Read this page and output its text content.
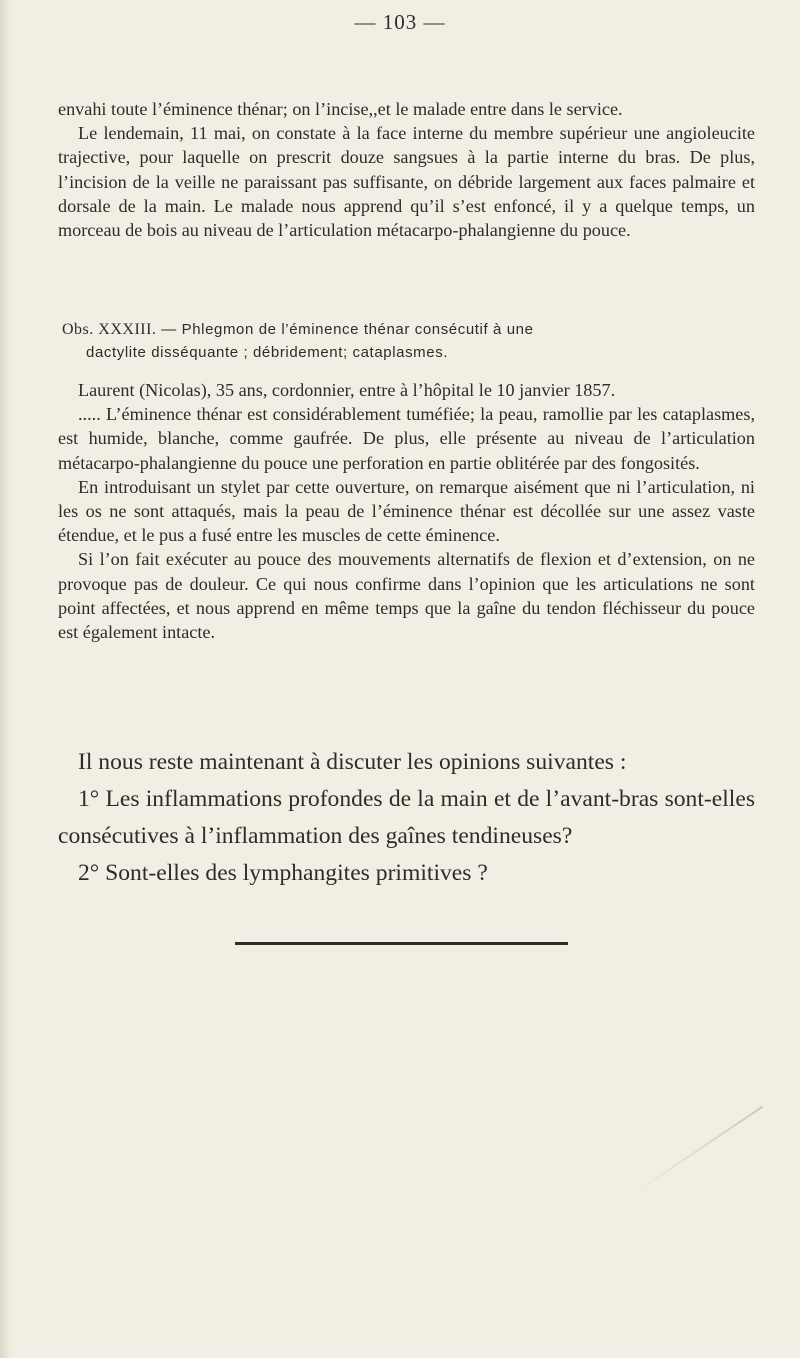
— 103 —

envahi toute l’éminence thénar; on l’incise,,et le malade entre dans le service.

Le lendemain, 11 mai, on constate à la face interne du membre supérieur une angioleucite trajective, pour laquelle on prescrit douze sangsues à la partie interne du bras. De plus, l’incision de la veille ne paraissant pas suffisante, on débride largement aux faces palmaire et dorsale de la main. Le malade nous apprend qu’il s’est enfoncé, il y a quelque temps, un morceau de bois au niveau de l’articulation métacarpo-phalangienne du pouce.

Obs. XXXIII. — Phlegmon de l’éminence thénar consécutif à une
dactylite disséquante ; débridement; cataplasmes.

Laurent (Nicolas), 35 ans, cordonnier, entre à l’hôpital le 10 janvier 1857.

..... L’éminence thénar est considérablement tuméfiée; la peau, ramollie par les cataplasmes, est humide, blanche, comme gaufrée. De plus, elle présente au niveau de l’articulation métacarpo-phalangienne du pouce une perforation en partie oblitérée par des fongosités.

En introduisant un stylet par cette ouverture, on remarque aisément que ni l’articulation, ni les os ne sont attaqués, mais la peau de l’éminence thénar est décollée sur une assez vaste étendue, et le pus a fusé entre les muscles de cette éminence.

Si l’on fait exécuter au pouce des mouvements alternatifs de flexion et d’extension, on ne provoque pas de douleur. Ce qui nous confirme dans l’opinion que les articulations ne sont point affectées, et nous apprend en même temps que la gaîne du tendon fléchisseur du pouce est également intacte.

Il nous reste maintenant à discuter les opinions suivantes :

1° Les inflammations profondes de la main et de l’avant-bras sont-elles consécutives à l’inflammation des gaînes tendineuses?

2° Sont-elles des lymphangites primitives ?
